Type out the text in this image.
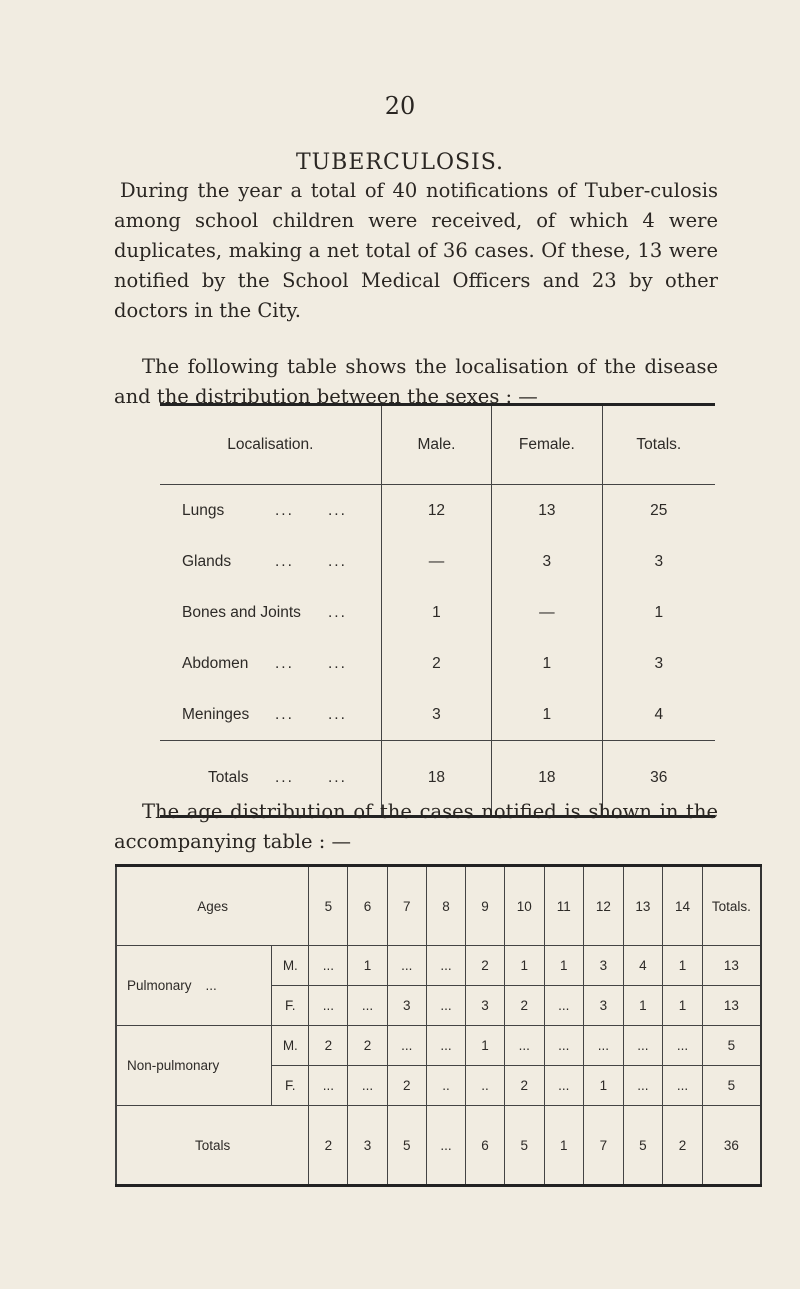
20
TUBERCULOSIS.
During the year a total of 40 notifications of Tuber-culosis among school children were received, of which 4 were duplicates, making a net total of 36 cases. Of these, 13 were notified by the School Medical Officers and 23 by other doctors in the City.
The following table shows the localisation of the disease and the distribution between the sexes : —
Localisation.	Male.	Female.	Totals.

Lungs ... ...	12	13	25

Glands ... ...	—	3	3

Bones and Joints ...	1	—	1

Abdomen ... ...	2	1	3

Meninges ... ...	3	1	4

Totals ... ...	18	18	36
The age distribution of the cases notified is shown in the accompanying table : —
Ages		5	6	7	8	9	10	11	12	13	14	Totals.
Pulmonary ...	M.	...	1	...	...	2	1	1	3	4	1	13
	F.	...	...	3	...	3	2	...	3	1	1	13
Non-pulmonary	M.	2	2	...	...	1	...	...	...	...	...	5
	F.	...	...	2	..	..	2	...	1	...	...	5
Totals		2	3	5	...	6	5	1	7	5	2	36
